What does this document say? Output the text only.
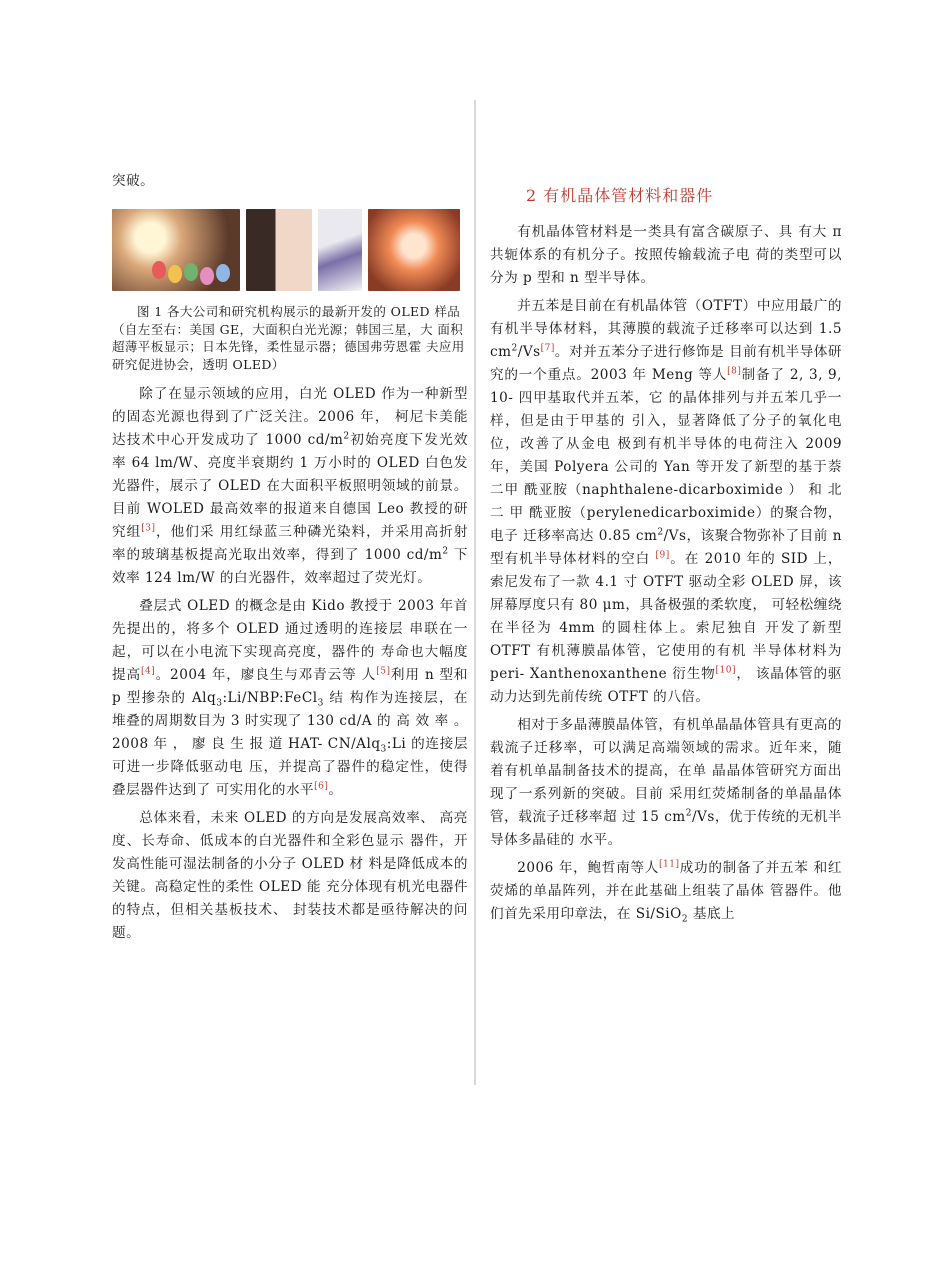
突破。

图 1 各大公司和研究机构展示的最新开发的 OLED 样品（自左至右：美国 GE，大面积白光光源；韩国三星，大 面积超薄平板显示；日本先锋，柔性显示器；德国弗劳恩霍 夫应用研究促进协会，透明 OLED）

除了在显示领域的应用，白光 OLED 作为一种新型的固态光源也得到了广泛关注。2006 年， 柯尼卡美能达技术中心开发成功了 1000 $cd/m^2$初始亮度下发光效率 64 lm/W、亮度半衰期约 1 万小时的 OLED 白色发光器件，展示了 OLED 在大面积平板照明领域的前景。目前 WOLED 最高效率的报道来自德国 Leo 教授的研究组[3]，他们采 用红绿蓝三种磷光染料，并采用高折射率的玻璃基板提高光取出效率，得到了 1000 $cd/m^2$ 下效率 124 lm/W 的白光器件，效率超过了荧光灯。

叠层式 OLED 的概念是由 Kido 教授于 2003 年首先提出的，将多个 OLED 通过透明的连接层 串联在一起，可以在小电流下实现高亮度，器件的 寿命也大幅度提高[4]。2004 年，廖良生与邓青云等 人[5]利用 n 型和 p 型掺杂的 Alq$_3$:Li/NBP:FeCl$_3$ 结 构作为连接层，在堆叠的周期数目为 3 时实现了 130 cd/A 的 高 效 率 。 2008 年 ， 廖 良 生 报 道 HAT- CN/Alq$_3$:Li 的连接层可进一步降低驱动电 压，并提高了器件的稳定性，使得叠层器件达到了 可实用化的水平[6]。

总体来看，未来 OLED 的方向是发展高效率、 高亮度、长寿命、低成本的白光器件和全彩色显示 器件，开发高性能可湿法制备的小分子 OLED 材 料是降低成本的关键。高稳定性的柔性 OLED 能 充分体现有机光电器件的特点，但相关基板技术、 封装技术都是亟待解决的问题。

2 有机晶体管材料和器件

有机晶体管材料是一类具有富含碳原子、具 有大 π 共轭体系的有机分子。按照传输载流子电 荷的类型可以分为 p 型和 n 型半导体。

并五苯是目前在有机晶体管（OTFT）中应用最广的有机半导体材料，其薄膜的载流子迁移率可以达到 1.5 $cm^2/Vs[7]$。对并五苯分子进行修饰是 目前有机半导体研究的一个重点。2003 年 Meng 等人[8]制备了 2, 3, 9, 10- 四甲基取代并五苯，它 的晶体排列与并五苯几乎一样，但是由于甲基的 引入，显著降低了分子的氧化电位，改善了从金电 极到有机半导体的电荷注入 2009 年，美国 Polyera 公司的 Yan 等开发了新型的基于萘二甲 酰亚胺（naphthalene-dicarboximide ） 和 北 二 甲 酰亚胺（perylenedicarboximide）的聚合物，电子 迁移率高达 0.85 $cm^2/Vs$，该聚合物弥补了目前 n 型有机半导体材料的空白 [9]。在 2010 年的 SID 上，索尼发布了一款 4.1 寸 OTFT 驱动全彩 OLED 屏，该屏幕厚度只有 80 μm，具备极强的柔软度， 可轻松缠绕在半径为 4mm 的圆柱体上。索尼独自 开发了新型 OTFT 有机薄膜晶体管，它使用的有机 半导体材料为 peri- Xanthenoxanthene 衍生物[10]， 该晶体管的驱动力达到先前传统 OTFT 的八倍。

相对于多晶薄膜晶体管，有机单晶晶体管具有更高的载流子迁移率，可以满足高端领域的需求。近年来，随着有机单晶制备技术的提高，在单 晶晶体管研究方面出现了一系列新的突破。目前 采用红荧烯制备的单晶晶体管，载流子迁移率超 过 15 $cm^2/Vs$，优于传统的无机半导体多晶硅的 水平。

2006 年，鲍哲南等人[11]成功的制备了并五苯 和红荧烯的单晶阵列，并在此基础上组装了晶体 管器件。他们首先采用印章法，在 Si/SiO$_2$ 基底上
